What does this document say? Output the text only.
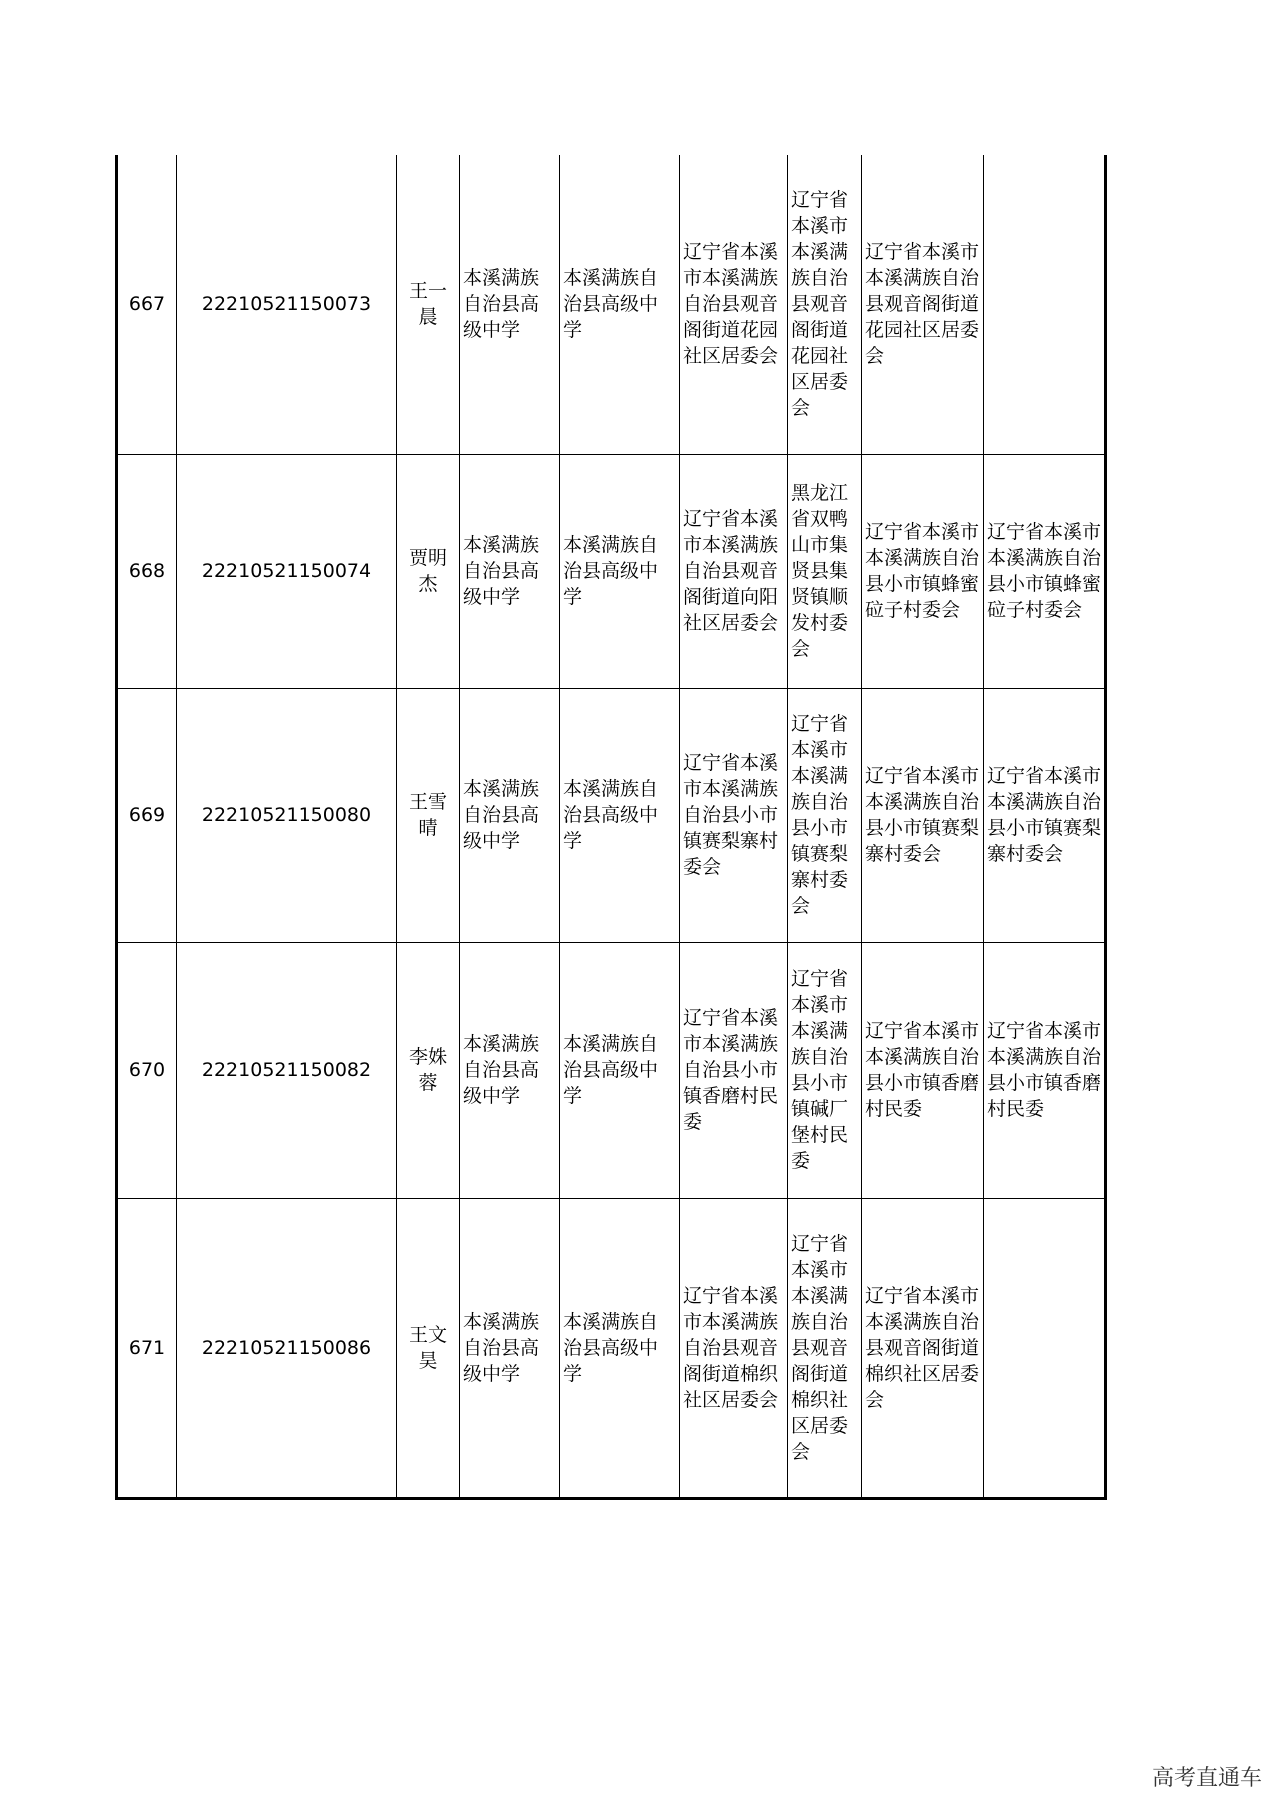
667	22210521150073	王一晨	本溪满族自治县高级中学	本溪满族自治县高级中学	辽宁省本溪市本溪满族自治县观音阁街道花园社区居委会	辽宁省本溪市本溪满族自治县观音阁街道花园社区居委会	辽宁省本溪市本溪满族自治县观音阁街道花园社区居委会	
668	22210521150074	贾明杰	本溪满族自治县高级中学	本溪满族自治县高级中学	辽宁省本溪市本溪满族自治县观音阁街道向阳社区居委会	黑龙江省双鸭山市集贤县集贤镇顺发村委会	辽宁省本溪市本溪满族自治县小市镇蜂蜜砬子村委会	辽宁省本溪市本溪满族自治县小市镇蜂蜜砬子村委会
669	22210521150080	王雪晴	本溪满族自治县高级中学	本溪满族自治县高级中学	辽宁省本溪市本溪满族自治县小市镇赛梨寨村委会	辽宁省本溪市本溪满族自治县小市镇赛梨寨村委会	辽宁省本溪市本溪满族自治县小市镇赛梨寨村委会	辽宁省本溪市本溪满族自治县小市镇赛梨寨村委会
670	22210521150082	李姝蓉	本溪满族自治县高级中学	本溪满族自治县高级中学	辽宁省本溪市本溪满族自治县小市镇香磨村民委	辽宁省本溪市本溪满族自治县小市镇碱厂堡村民委	辽宁省本溪市本溪满族自治县小市镇香磨村民委	辽宁省本溪市本溪满族自治县小市镇香磨村民委
671	22210521150086	王文昊	本溪满族自治县高级中学	本溪满族自治县高级中学	辽宁省本溪市本溪满族自治县观音阁街道棉织社区居委会	辽宁省本溪市本溪满族自治县观音阁街道棉织社区居委会	辽宁省本溪市本溪满族自治县观音阁街道棉织社区居委会	
高考直通车
